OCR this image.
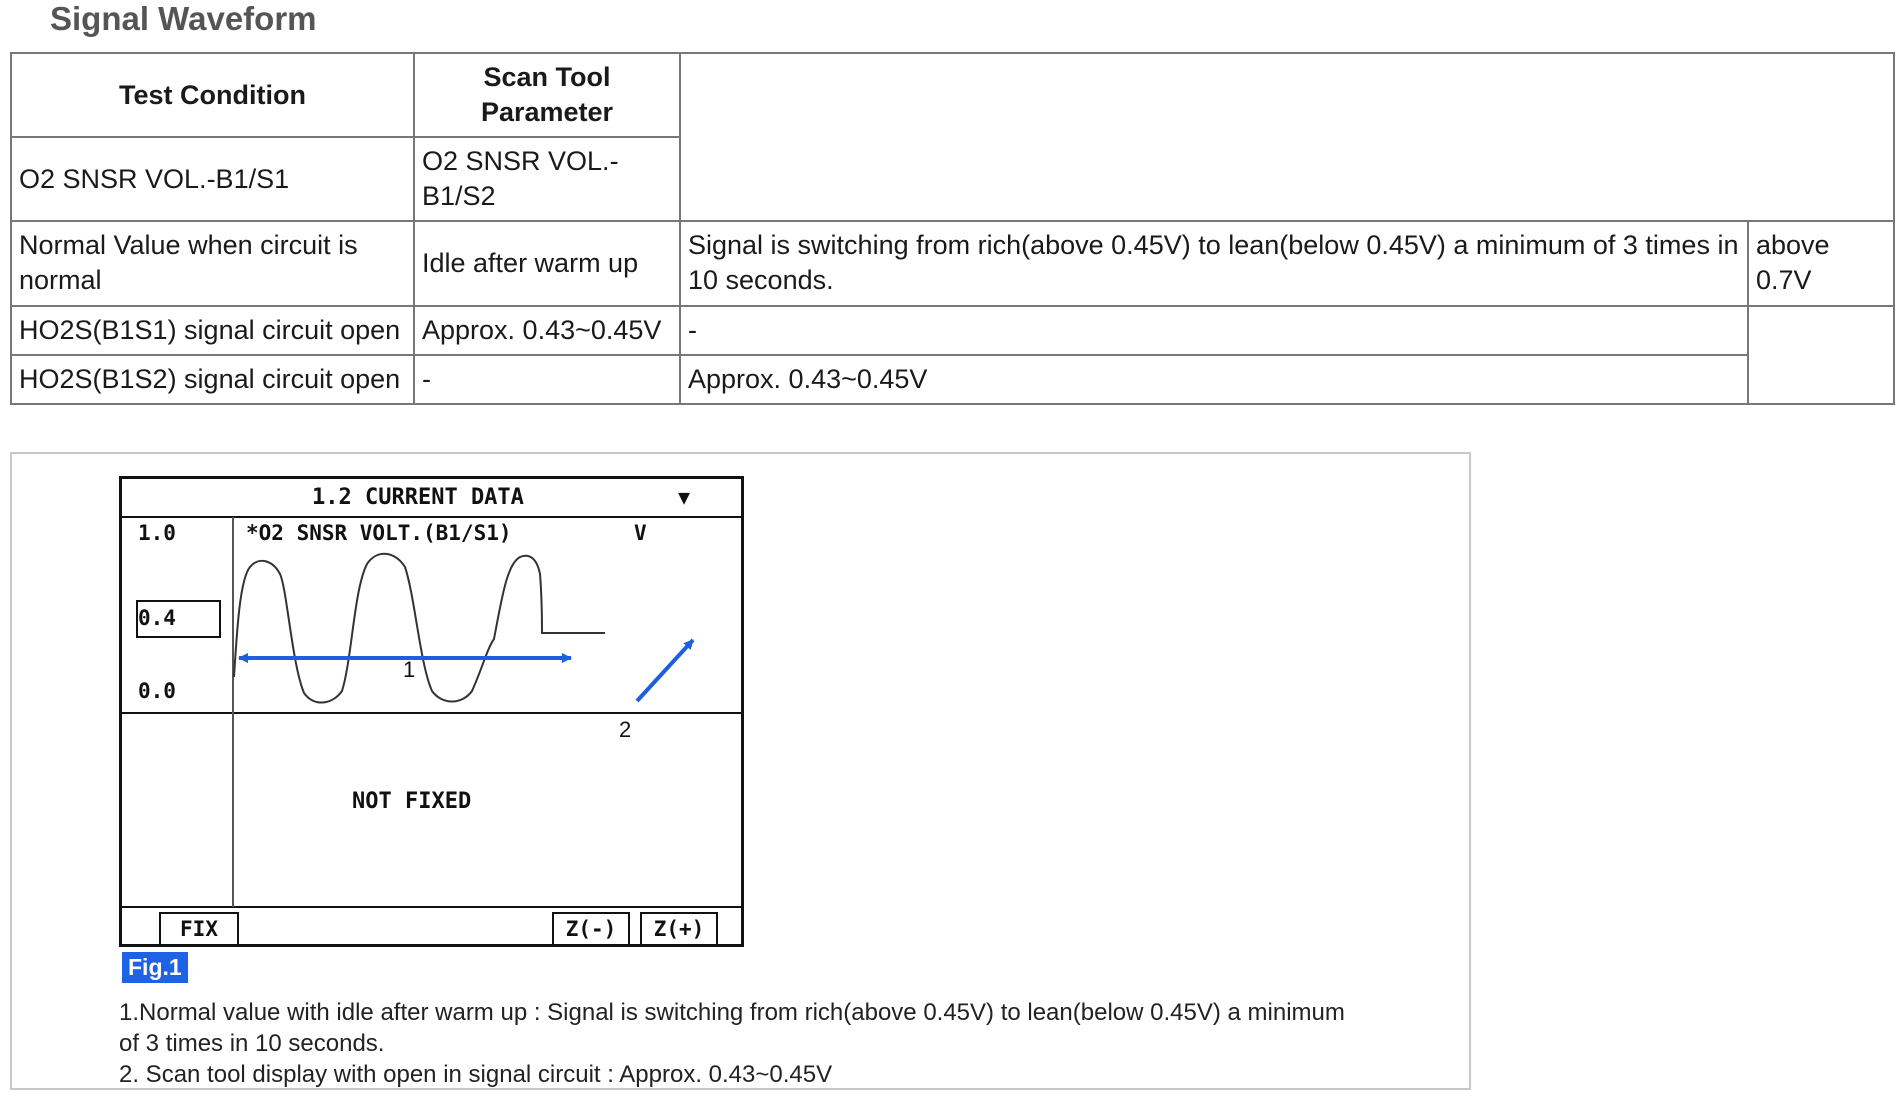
Signal Waveform
Test Condition	Scan Tool Parameter		
O2 SNSR VOL.-B1/S1	O2 SNSR VOL.-B1/S2		
Normal Value when circuit is normal	Idle after warm up	Signal is switching from rich(above 0.45V) to lean(below 0.45V) a minimum of 3 times in 10 seconds.	above 0.7V
HO2S(B1S1) signal circuit open	Approx. 0.43~0.45V	-	
HO2S(B1S2) signal circuit open	-	Approx. 0.43~0.45V	
1.2 CURRENT DATA	▼
*O2 SNSR VOLT.(B1/S1)	V
1.0
0.4
0.0
1
2
NOT FIXED
FIX	Z(-)	Z(+)
Fig.1
1.Normal value with idle after warm up : Signal is switching from rich(above 0.45V) to lean(below 0.45V) a minimum
of 3 times in 10 seconds.
2. Scan tool display with open in signal circuit : Approx. 0.43~0.45V
